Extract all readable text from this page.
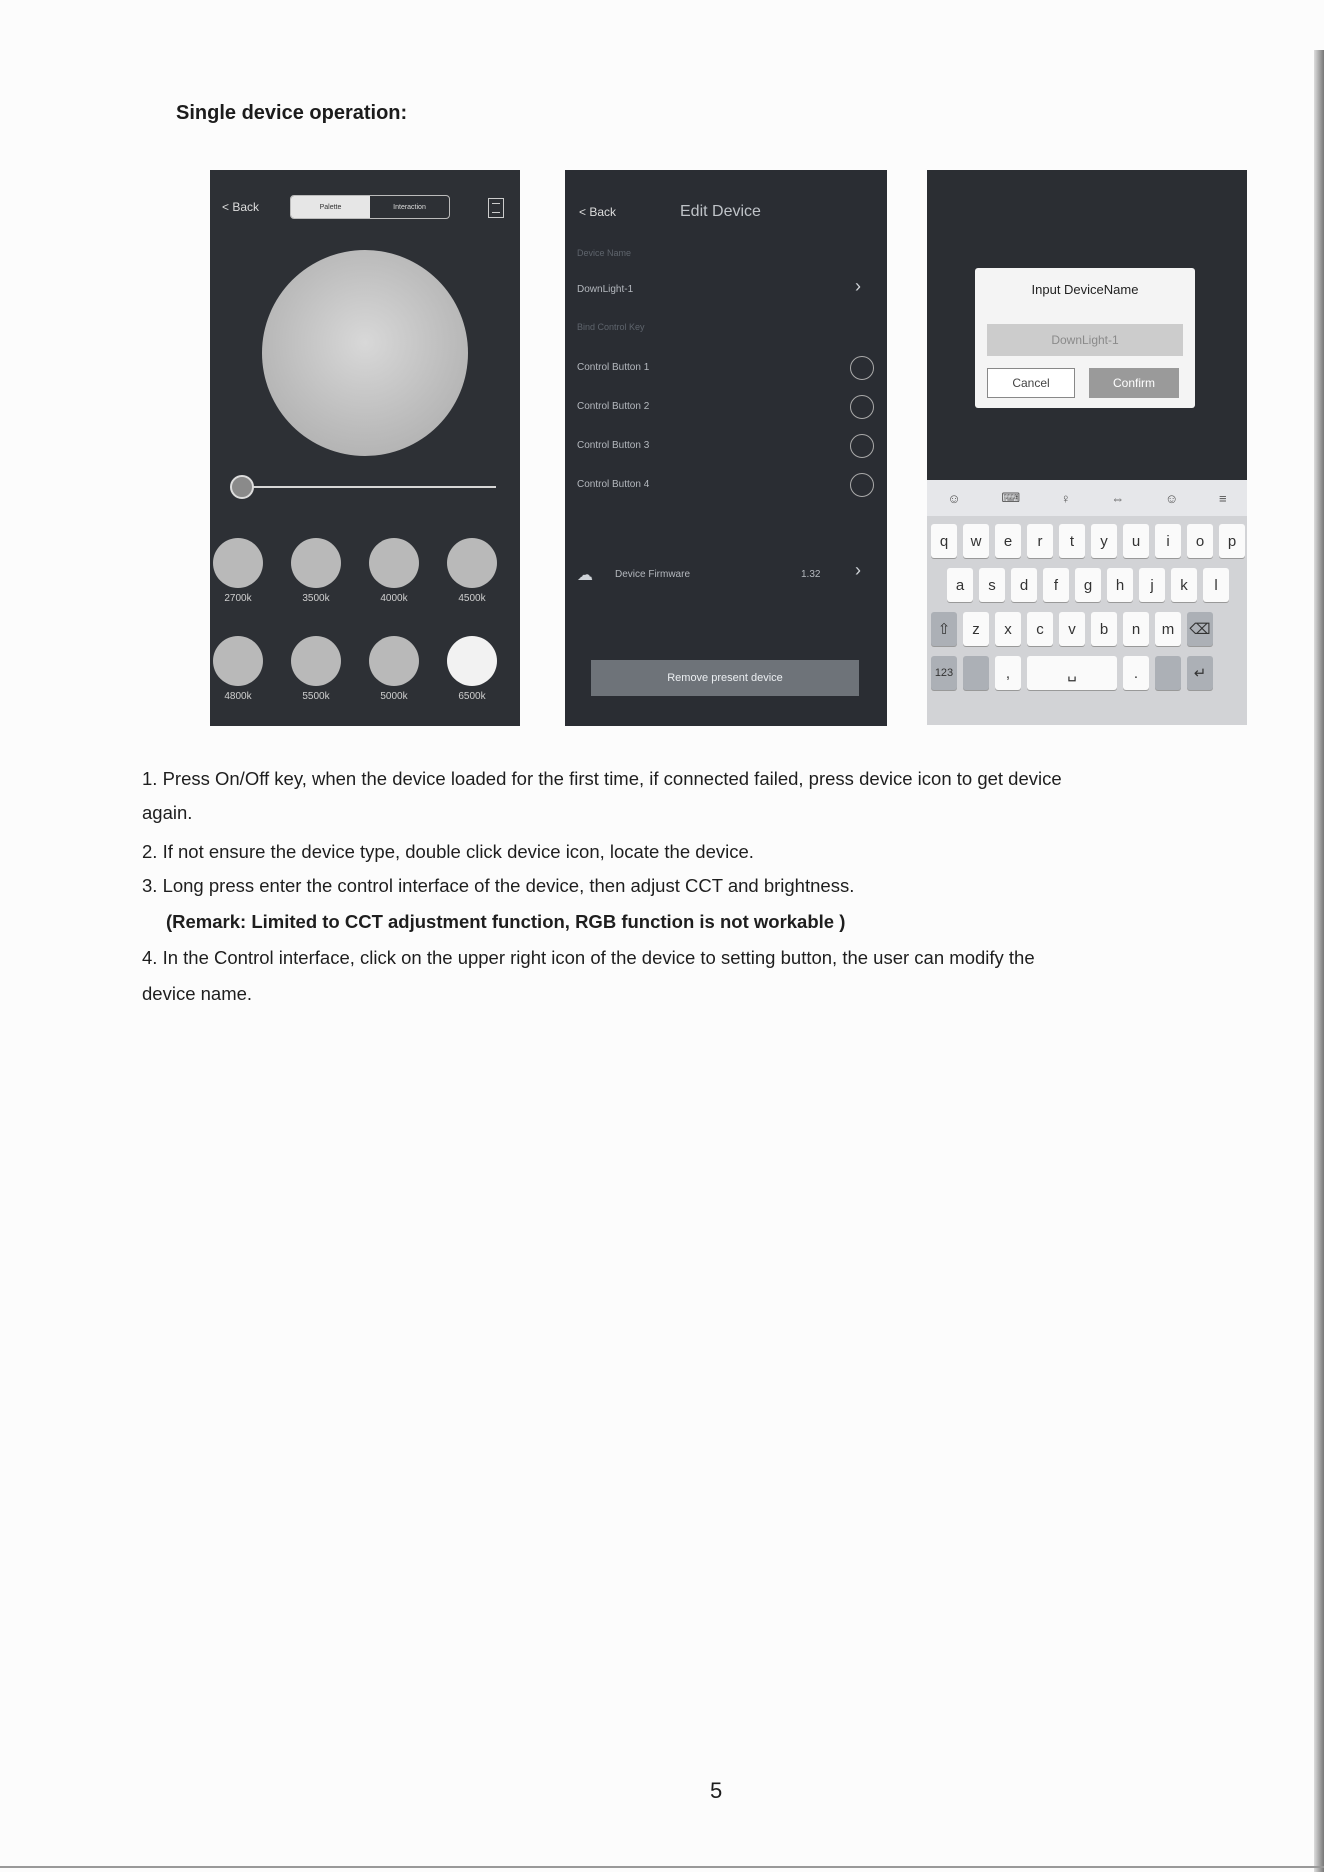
Single device operation:
< Back	Palette	Interaction
2700k	3500k	4000k	4500k
4800k	5500k	5000k	6500k
< Back	Edit Device
Device Name
DownLight-1	›
Bind Control Key
Control Button 1
Control Button 2
Control Button 3
Control Button 4
☁ Device Firmware	1.32 ›
Remove present device
Input DeviceName
DownLight-1
Cancel	Confirm
☺	⌨	♀	⇔	☺	≡
q	w	e	r	t	y	u	i	o	p
a	s	d	f	g	h	j	k	l
⇧	z	x	c	v	b	n	m	⌫
123	,	␣	.	↵
1. Press On/Off key, when the device loaded for the first time, if connected failed, press device icon to get device
again.
2. If not ensure the device type, double click device icon, locate the device.
3. Long press enter the control interface of the device, then adjust CCT and brightness.
(Remark: Limited to CCT adjustment function, RGB function is not workable )
4. In the Control interface, click on the upper right icon of the device to setting button, the user can modify the
device name.
5
